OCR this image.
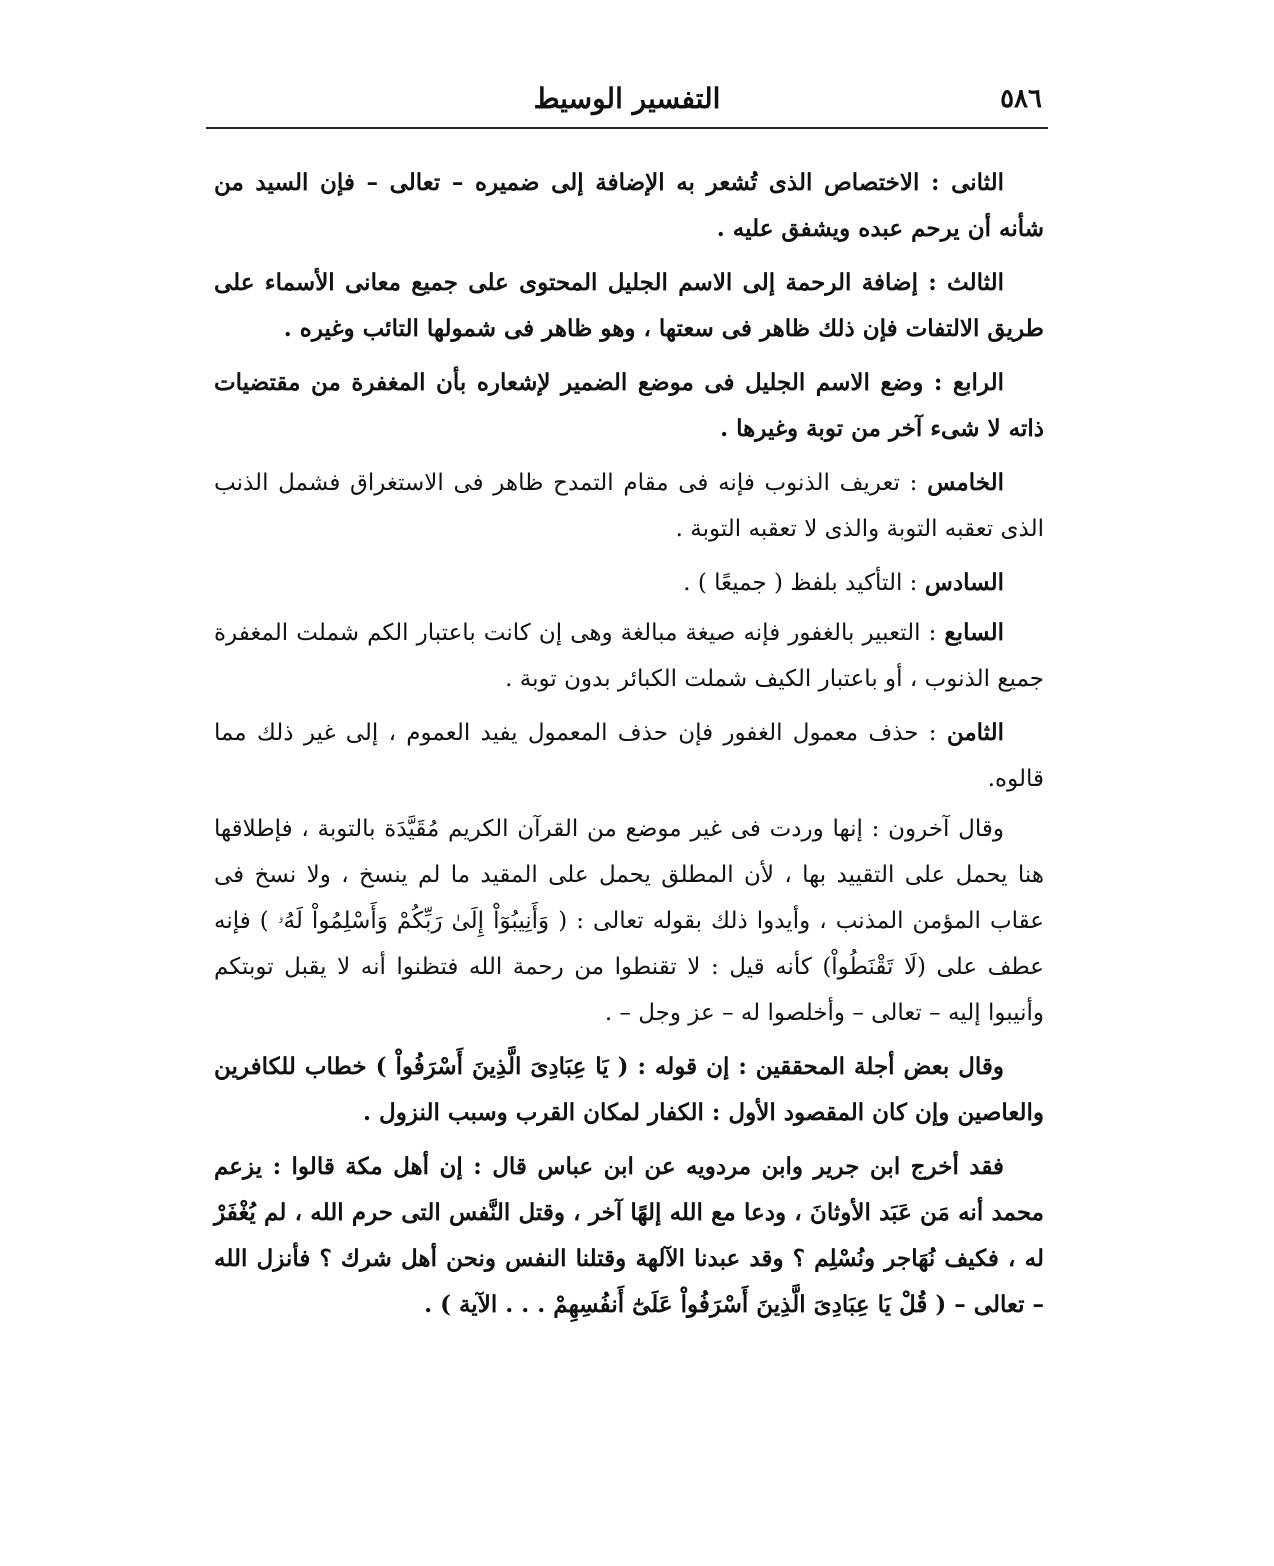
٥٨٦
التفسير الوسيط

الثانى : الاختصاص الذى تُشعر به الإضافة إلى ضميره – تعالى – فإن السيد من شأنه أن يرحم عبده ويشفق عليه .

الثالث : إضافة الرحمة إلى الاسم الجليل المحتوى على جميع معانى الأسماء على طريق الالتفات فإن ذلك ظاهر فى سعتها ، وهو ظاهر فى شمولها التائب وغيره .

الرابع : وضع الاسم الجليل فى موضع الضمير لإشعاره بأن المغفرة من مقتضيات ذاته لا شىء آخر من توبة وغيرها .

الخامس : تعريف الذنوب فإنه فى مقام التمدح ظاهر فى الاستغراق فشمل الذنب الذى تعقبه التوبة والذى لا تعقبه التوبة .

السادس : التأكيد بلفظ ( جميعًا ) .

السابع : التعبير بالغفور فإنه صيغة مبالغة وهى إن كانت باعتبار الكم شملت المغفرة جميع الذنوب ، أو باعتبار الكيف شملت الكبائر بدون توبة .

الثامن : حذف معمول الغفور فإن حذف المعمول يفيد العموم ، إلى غير ذلك مما قالوه.

وقال آخرون : إنها وردت فى غير موضع من القرآن الكريم مُقَيَّدَة بالتوبة ، فإطلاقها هنا يحمل على التقييد بها ، لأن المطلق يحمل على المقيد ما لم ينسخ ، ولا نسخ فى عقاب المؤمن المذنب ، وأيدوا ذلك بقوله تعالى : ( وَأَنِيبُوٓاْ إِلَىٰ رَبِّكُمْ وَأَسْلِمُواْ لَهُۥ ) فإنه عطف على (لَا تَقْنَطُواْ) كأنه قيل : لا تقنطوا من رحمة الله فتظنوا أنه لا يقبل توبتكم وأنيبوا إليه – تعالى – وأخلصوا له – عز وجل – .

وقال بعض أجلة المحققين : إن قوله : ( يَا عِبَادِىَ الَّذِينَ أَسْرَفُواْ ) خطاب للكافرين والعاصين وإن كان المقصود الأول : الكفار لمكان القرب وسبب النزول .

فقد أخرج ابن جرير وابن مردويه عن ابن عباس قال : إن أهل مكة قالوا : يزعم محمد أنه مَن عَبَد الأوثانَ ، ودعا مع الله إلهًا آخر ، وقتل النَّفس التى حرم الله ، لم يُغْفَرْ له ، فكيف نُهَاجر ونُسْلِم ؟ وقد عبدنا الآلهة وقتلنا النفس ونحن أهل شرك ؟ فأنزل الله – تعالى – ( قُلْ يَا عِبَادِىَ الَّذِينَ أَسْرَفُواْ عَلَىٰٓ أَنفُسِهِمْ . . . الآية ) .
